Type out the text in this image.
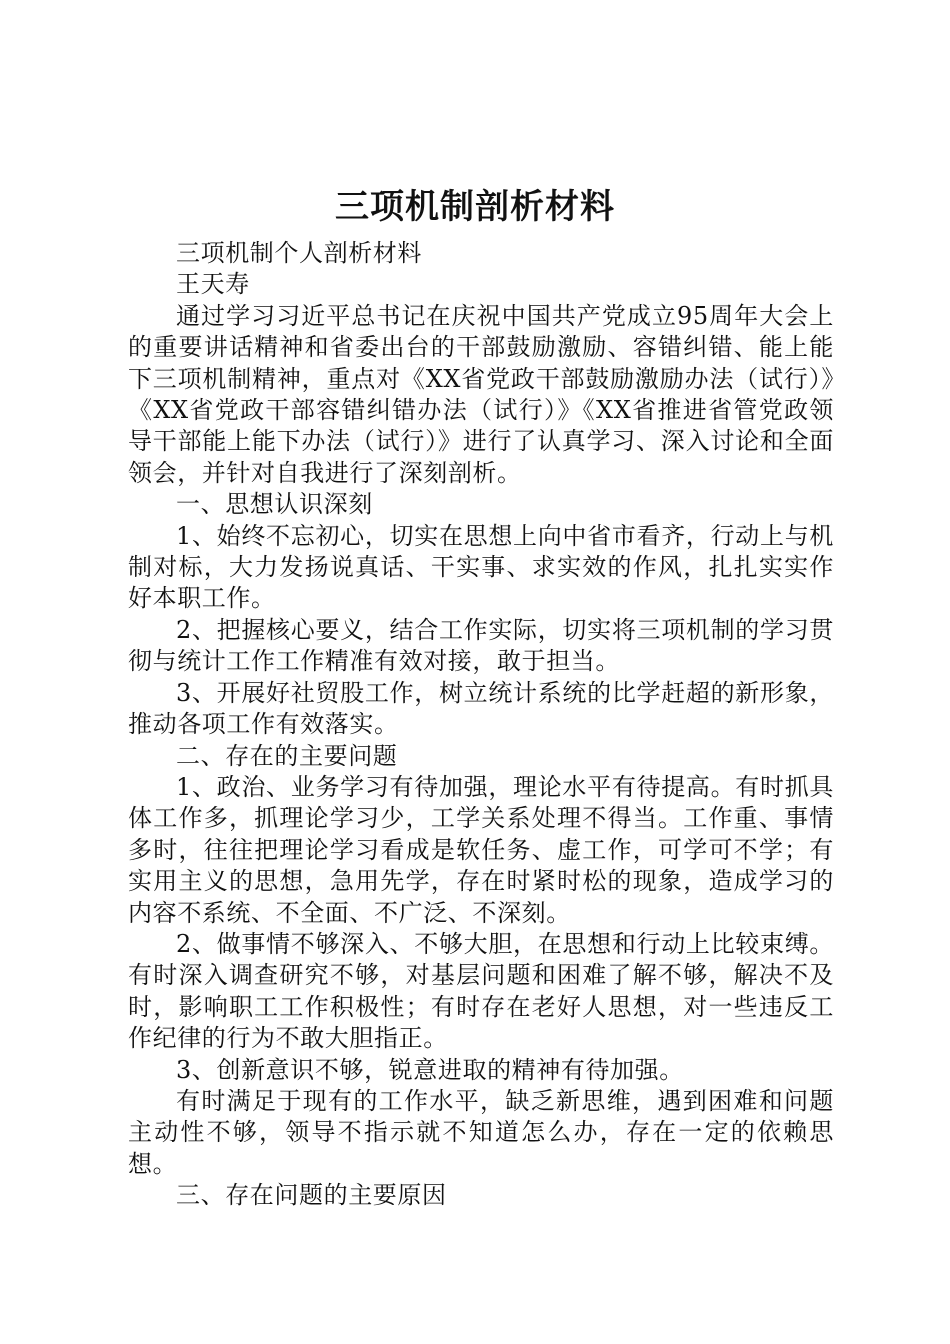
三项机制剖析材料

三项机制个人剖析材料

王天寿

通过学习习近平总书记在庆祝中国共产党成立95周年大会上的重要讲话精神和省委出台的干部鼓励激励、容错纠错、能上能下三项机制精神，重点对《XX省党政干部鼓励激励办法（试行）》《XX省党政干部容错纠错办法（试行）》《XX省推进省管党政领导干部能上能下办法（试行）》进行了认真学习、深入讨论和全面领会，并针对自我进行了深刻剖析。

一、思想认识深刻

1、始终不忘初心，切实在思想上向中省市看齐，行动上与机制对标，大力发扬说真话、干实事、求实效的作风，扎扎实实作好本职工作。

2、把握核心要义，结合工作实际，切实将三项机制的学习贯彻与统计工作工作精准有效对接，敢于担当。

3、开展好社贸股工作，树立统计系统的比学赶超的新形象，推动各项工作有效落实。

二、存在的主要问题

1、政治、业务学习有待加强，理论水平有待提高。有时抓具体工作多，抓理论学习少，工学关系处理不得当。工作重、事情多时，往往把理论学习看成是软任务、虚工作，可学可不学；有实用主义的思想，急用先学，存在时紧时松的现象，造成学习的内容不系统、不全面、不广泛、不深刻。

2、做事情不够深入、不够大胆，在思想和行动上比较束缚。有时深入调查研究不够，对基层问题和困难了解不够，解决不及时，影响职工工作积极性；有时存在老好人思想，对一些违反工作纪律的行为不敢大胆指正。

3、创新意识不够，锐意进取的精神有待加强。

有时满足于现有的工作水平，缺乏新思维，遇到困难和问题主动性不够，领导不指示就不知道怎么办，存在一定的依赖思想。

三、存在问题的主要原因
